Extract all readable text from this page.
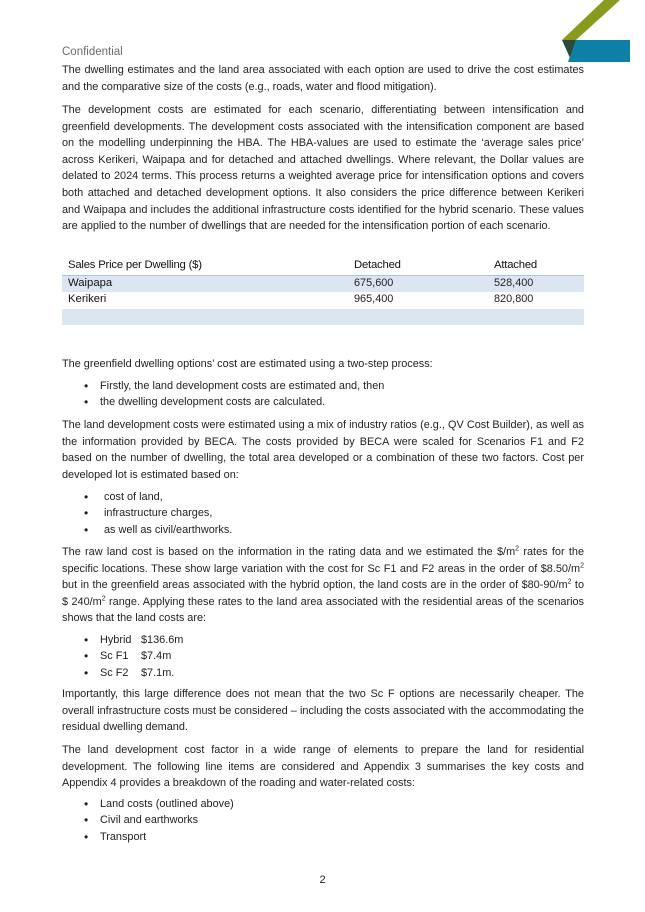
Confidential

The dwelling estimates and the land area associated with each option are used to drive the cost estimates and the comparative size of the costs (e.g., roads, water and flood mitigation).

The development costs are estimated for each scenario, differentiating between intensification and greenfield developments. The development costs associated with the intensification component are based on the modelling underpinning the HBA. The HBA-values are used to estimate the ‘average sales price’ across Kerikeri, Waipapa and for detached and attached dwellings. Where relevant, the Dollar values are delated to 2024 terms. This process returns a weighted average price for intensification options and covers both attached and detached development options. It also considers the price difference between Kerikeri and Waipapa and includes the additional infrastructure costs identified for the hybrid scenario. These values are applied to the number of dwellings that are needed for the intensification portion of each scenario.

Sales Price per Dwelling ($)	Detached	Attached
Waipapa	675,600	528,400
Kerikeri	965,400	820,800

The greenfield dwelling options’ cost are estimated using a two-step process:

• Firstly, the land development costs are estimated and, then
• the dwelling development costs are calculated.

The land development costs were estimated using a mix of industry ratios (e.g., QV Cost Builder), as well as the information provided by BECA. The costs provided by BECA were scaled for Scenarios F1 and F2 based on the number of dwelling, the total area developed or a combination of these two factors. Cost per developed lot is estimated based on:

• cost of land,
• infrastructure charges,
• as well as civil/earthworks.

The raw land cost is based on the information in the rating data and we estimated the $\$/m^2$ rates for the specific locations. These show large variation with the cost for Sc F1 and F2 areas in the order of $\$8.50/m^2$ but in the greenfield areas associated with the hybrid option, the land costs are in the order of $\$80-90/m^2$ to $ $240/m^2$ range. Applying these rates to the land area associated with the residential areas of the scenarios shows that the land costs are:

• Hybrid $136.6m
• Sc F1 $7.4m
• Sc F2 $7.1m.

Importantly, this large difference does not mean that the two Sc F options are necessarily cheaper. The overall infrastructure costs must be considered – including the costs associated with the accommodating the residual dwelling demand.

The land development cost factor in a wide range of elements to prepare the land for residential development. The following line items are considered and Appendix 3 summarises the key costs and Appendix 4 provides a breakdown of the roading and water-related costs:

• Land costs (outlined above)
• Civil and earthworks
• Transport
2
